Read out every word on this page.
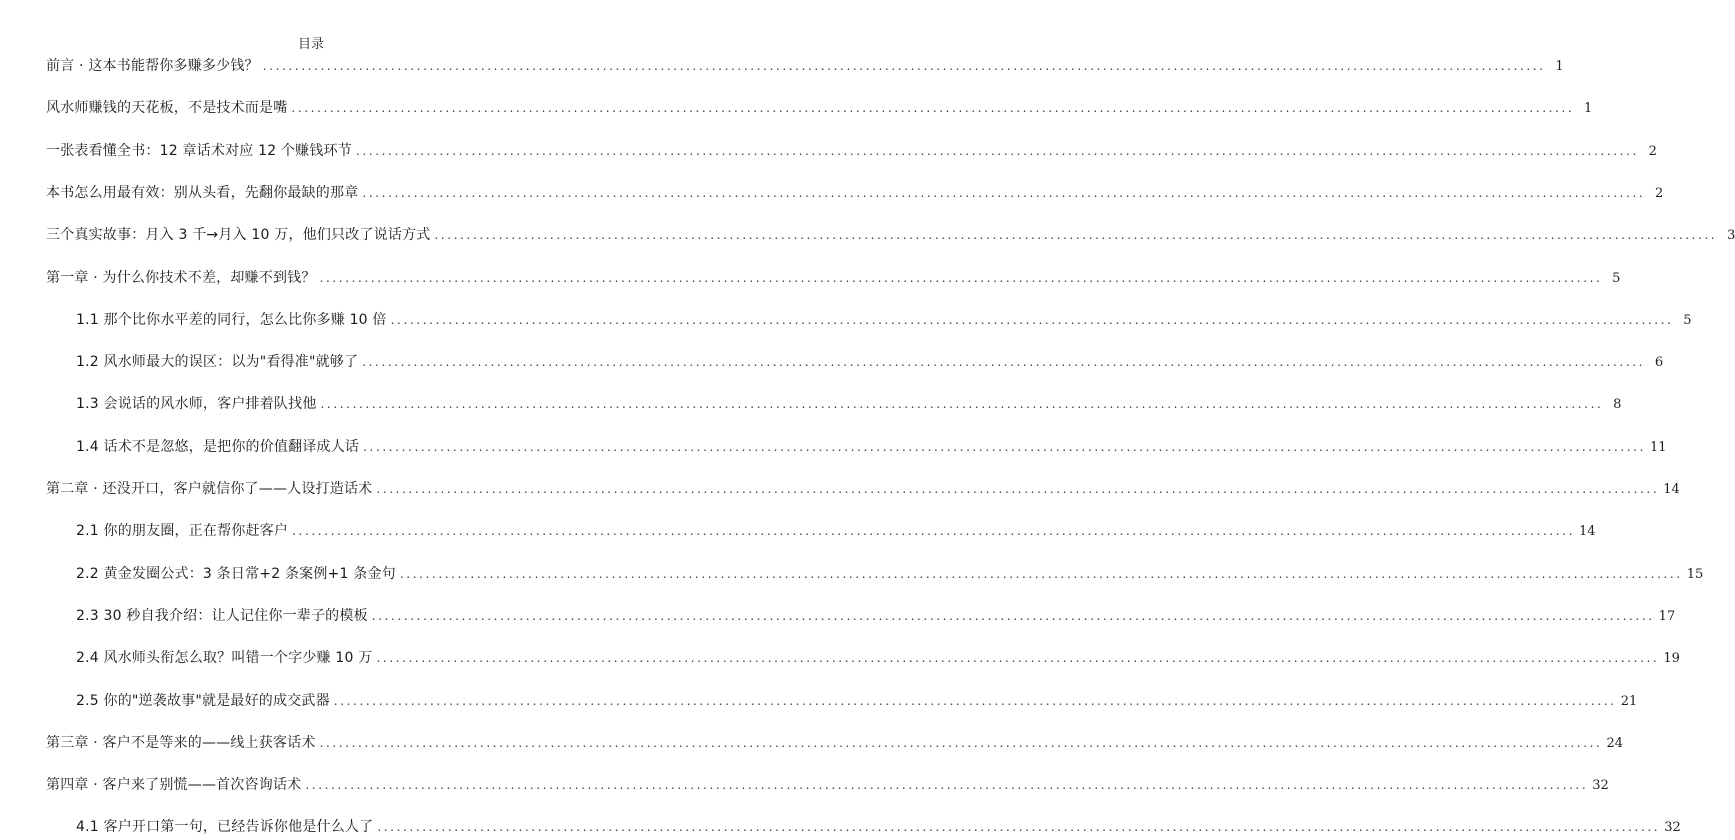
目录
前言 · 这本书能帮你多赚多少钱？ ........................................................................................................................................................................................................ 1
风水师赚钱的天花板，不是技术而是嘴 ........................................................................................................................................................................................................ 1
一张表看懂全书：12 章话术对应 12 个赚钱环节 ........................................................................................................................................................................................................ 2
本书怎么用最有效：别从头看，先翻你最缺的那章 ........................................................................................................................................................................................................ 2
三个真实故事：月入 3 千→月入 10 万，他们只改了说话方式 ........................................................................................................................................................................................................ 3
第一章 · 为什么你技术不差，却赚不到钱？ ........................................................................................................................................................................................................ 5
1.1 那个比你水平差的同行，怎么比你多赚 10 倍 ........................................................................................................................................................................................................ 5
1.2 风水师最大的误区：以为"看得准"就够了 ........................................................................................................................................................................................................ 6
1.3 会说话的风水师，客户排着队找他 ........................................................................................................................................................................................................ 8
1.4 话术不是忽悠，是把你的价值翻译成人话 ........................................................................................................................................................................................................ 11
第二章 · 还没开口，客户就信你了——人设打造话术 ........................................................................................................................................................................................................ 14
2.1 你的朋友圈，正在帮你赶客户 ........................................................................................................................................................................................................ 14
2.2 黄金发圈公式：3 条日常+2 条案例+1 条金句 ........................................................................................................................................................................................................ 15
2.3 30 秒自我介绍：让人记住你一辈子的模板 ........................................................................................................................................................................................................ 17
2.4 风水师头衔怎么取？叫错一个字少赚 10 万 ........................................................................................................................................................................................................ 19
2.5 你的"逆袭故事"就是最好的成交武器 ........................................................................................................................................................................................................ 21
第三章 · 客户不是等来的——线上获客话术 ........................................................................................................................................................................................................ 24
第四章 · 客户来了别慌——首次咨询话术 ........................................................................................................................................................................................................ 32
4.1 客户开口第一句，已经告诉你他是什么人了 ........................................................................................................................................................................................................ 32
